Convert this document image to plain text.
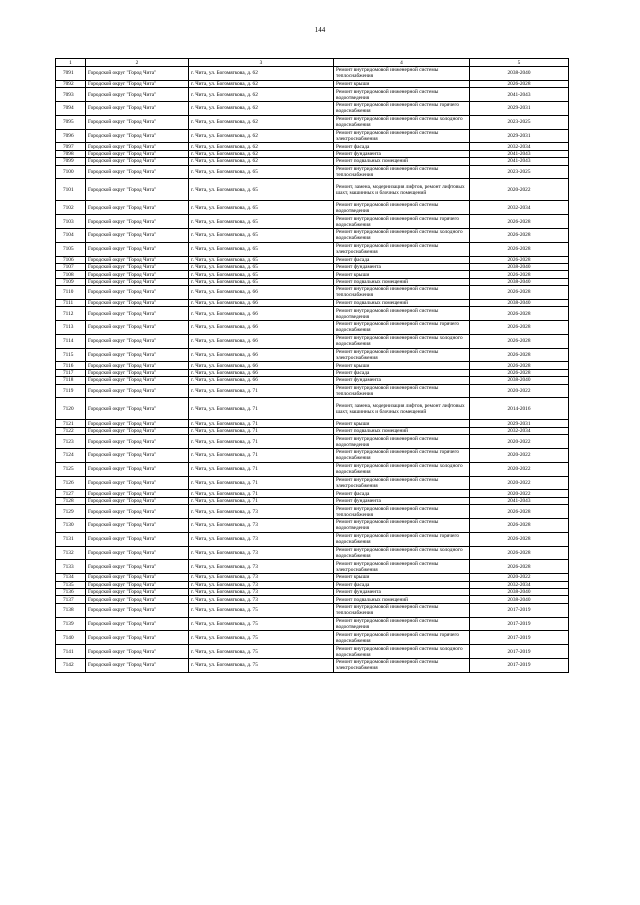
144
1	2	3	4	5
7091	Городской округ "Город Чита"	г. Чита, ул. Богомягкова, д. 62	Ремонт внутридомовой инженерной системы теплоснабжения	2038-2040
7092	Городской округ "Город Чита"	г. Чита, ул. Богомягкова, д. 62	Ремонт крыши	2026-2028
7093	Городской округ "Город Чита"	г. Чита, ул. Богомягкова, д. 62	Ремонт внутридомовой инженерной системы водоотведения	2041-2043
7094	Городской округ "Город Чита"	г. Чита, ул. Богомягкова, д. 62	Ремонт внутридомовой инженерной системы горячего водоснабжения	2029-2031
7095	Городской округ "Город Чита"	г. Чита, ул. Богомягкова, д. 62	Ремонт внутридомовой инженерной системы холодного водоснабжения	2023-2025
7096	Городской округ "Город Чита"	г. Чита, ул. Богомягкова, д. 62	Ремонт внутридомовой инженерной системы электроснабжения	2029-2031
7097	Городской округ "Город Чита"	г. Чита, ул. Богомягкова, д. 62	Ремонт фасада	2032-2034
7098	Городской округ "Город Чита"	г. Чита, ул. Богомягкова, д. 62	Ремонт фундамента	2041-2043
7099	Городской округ "Город Чита"	г. Чита, ул. Богомягкова, д. 62	Ремонт подвальных помещений	2041-2043
7100	Городской округ "Город Чита"	г. Чита, ул. Богомягкова, д. 65	Ремонт внутридомовой инженерной системы теплоснабжения	2023-2025
7101	Городской округ "Город Чита"	г. Чита, ул. Богомягкова, д. 65	Ремонт, замена, модернизация лифтов, ремонт лифтовых шахт, машинных и блочных помещений	2020-2022
7102	Городской округ "Город Чита"	г. Чита, ул. Богомягкова, д. 65	Ремонт внутридомовой инженерной системы водоотведения	2032-2034
7103	Городской округ "Город Чита"	г. Чита, ул. Богомягкова, д. 65	Ремонт внутридомовой инженерной системы горячего водоснабжения	2026-2028
7104	Городской округ "Город Чита"	г. Чита, ул. Богомягкова, д. 65	Ремонт внутридомовой инженерной системы холодного водоснабжения	2026-2028
7105	Городской округ "Город Чита"	г. Чита, ул. Богомягкова, д. 65	Ремонт внутридомовой инженерной системы электроснабжения	2026-2028
7106	Городской округ "Город Чита"	г. Чита, ул. Богомягкова, д. 65	Ремонт фасада	2026-2028
7107	Городской округ "Город Чита"	г. Чита, ул. Богомягкова, д. 65	Ремонт фундамента	2038-2040
7108	Городской округ "Город Чита"	г. Чита, ул. Богомягкова, д. 65	Ремонт крыши	2026-2028
7109	Городской округ "Город Чита"	г. Чита, ул. Богомягкова, д. 65	Ремонт подвальных помещений	2038-2040
7110	Городской округ "Город Чита"	г. Чита, ул. Богомягкова, д. 66	Ремонт внутридомовой инженерной системы теплоснабжения	2026-2028
7111	Городской округ "Город Чита"	г. Чита, ул. Богомягкова, д. 66	Ремонт подвальных помещений	2038-2040
7112	Городской округ "Город Чита"	г. Чита, ул. Богомягкова, д. 66	Ремонт внутридомовой инженерной системы водоотведения	2026-2028
7113	Городской округ "Город Чита"	г. Чита, ул. Богомягкова, д. 66	Ремонт внутридомовой инженерной системы горячего водоснабжения	2026-2028
7114	Городской округ "Город Чита"	г. Чита, ул. Богомягкова, д. 66	Ремонт внутридомовой инженерной системы холодного водоснабжения	2026-2028
7115	Городской округ "Город Чита"	г. Чита, ул. Богомягкова, д. 66	Ремонт внутридомовой инженерной системы электроснабжения	2026-2028
7116	Городской округ "Город Чита"	г. Чита, ул. Богомягкова, д. 66	Ремонт крыши	2026-2028
7117	Городской округ "Город Чита"	г. Чита, ул. Богомягкова, д. 66	Ремонт фасада	2026-2028
7118	Городской округ "Город Чита"	г. Чита, ул. Богомягкова, д. 66	Ремонт фундамента	2038-2040
7119	Городской округ "Город Чита"	г. Чита, ул. Богомягкова, д. 71	Ремонт внутридомовой инженерной системы теплоснабжения	2020-2022
7120	Городской округ "Город Чита"	г. Чита, ул. Богомягкова, д. 71	Ремонт, замена, модернизация лифтов, ремонт лифтовых шахт, машинных и блочных помещений	2014-2016
7121	Городской округ "Город Чита"	г. Чита, ул. Богомягкова, д. 71	Ремонт крыши	2029-2031
7122	Городской округ "Город Чита"	г. Чита, ул. Богомягкова, д. 71	Ремонт подвальных помещений	2032-2034
7123	Городской округ "Город Чита"	г. Чита, ул. Богомягкова, д. 71	Ремонт внутридомовой инженерной системы водоотведения	2020-2022
7124	Городской округ "Город Чита"	г. Чита, ул. Богомягкова, д. 71	Ремонт внутридомовой инженерной системы горячего водоснабжения	2020-2022
7125	Городской округ "Город Чита"	г. Чита, ул. Богомягкова, д. 71	Ремонт внутридомовой инженерной системы холодного водоснабжения	2020-2022
7126	Городской округ "Город Чита"	г. Чита, ул. Богомягкова, д. 71	Ремонт внутридомовой инженерной системы электроснабжения	2020-2022
7127	Городской округ "Город Чита"	г. Чита, ул. Богомягкова, д. 71	Ремонт фасада	2020-2022
7128	Городской округ "Город Чита"	г. Чита, ул. Богомягкова, д. 71	Ремонт фундамента	2041-2043
7129	Городской округ "Город Чита"	г. Чита, ул. Богомягкова, д. 73	Ремонт внутридомовой инженерной системы теплоснабжения	2026-2028
7130	Городской округ "Город Чита"	г. Чита, ул. Богомягкова, д. 73	Ремонт внутридомовой инженерной системы водоотведения	2026-2028
7131	Городской округ "Город Чита"	г. Чита, ул. Богомягкова, д. 73	Ремонт внутридомовой инженерной системы горячего водоснабжения	2026-2028
7132	Городской округ "Город Чита"	г. Чита, ул. Богомягкова, д. 73	Ремонт внутридомовой инженерной системы холодного водоснабжения	2026-2028
7133	Городской округ "Город Чита"	г. Чита, ул. Богомягкова, д. 73	Ремонт внутридомовой инженерной системы электроснабжения	2026-2028
7134	Городской округ "Город Чита"	г. Чита, ул. Богомягкова, д. 73	Ремонт крыши	2020-2022
7135	Городской округ "Город Чита"	г. Чита, ул. Богомягкова, д. 73	Ремонт фасада	2032-2034
7136	Городской округ "Город Чита"	г. Чита, ул. Богомягкова, д. 73	Ремонт фундамента	2038-2040
7137	Городской округ "Город Чита"	г. Чита, ул. Богомягкова, д. 73	Ремонт подвальных помещений	2038-2040
7138	Городской округ "Город Чита"	г. Чита, ул. Богомягкова, д. 75	Ремонт внутридомовой инженерной системы теплоснабжения	2017-2019
7139	Городской округ "Город Чита"	г. Чита, ул. Богомягкова, д. 75	Ремонт внутридомовой инженерной системы водоотведения	2017-2019
7140	Городской округ "Город Чита"	г. Чита, ул. Богомягкова, д. 75	Ремонт внутридомовой инженерной системы горячего водоснабжения	2017-2019
7141	Городской округ "Город Чита"	г. Чита, ул. Богомягкова, д. 75	Ремонт внутридомовой инженерной системы холодного водоснабжения	2017-2019
7142	Городской округ "Город Чита"	г. Чита, ул. Богомягкова, д. 75	Ремонт внутридомовой инженерной системы электроснабжения	2017-2019
